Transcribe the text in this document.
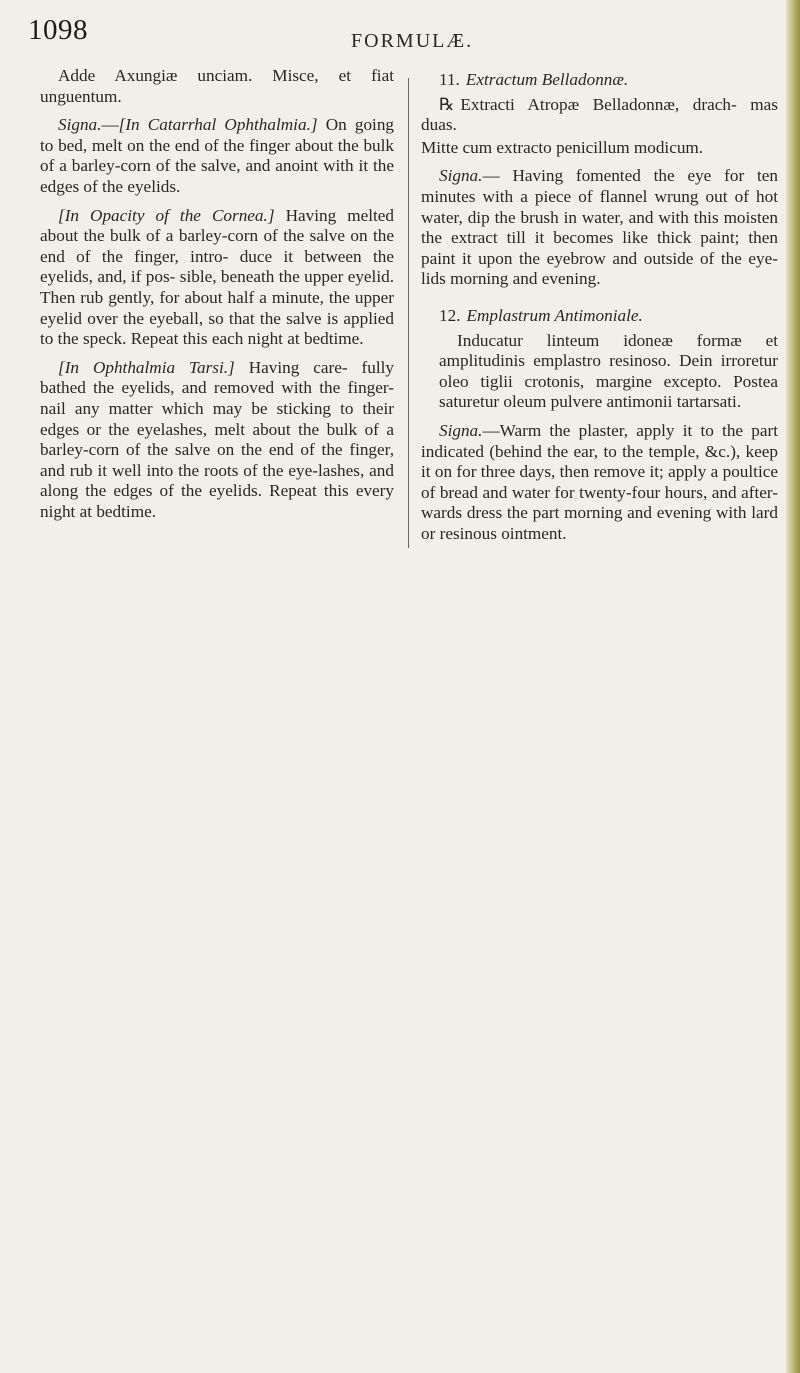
1098	FORMULÆ.

Adde Axungiæ unciam. Misce, et fiat unguentum.

Signa.—[In Catarrhal Ophthalmia.] On going to bed, melt on the end of the finger about the bulk of a barley-corn of the salve, and anoint with it the edges of the eyelids.

[In Opacity of the Cornea.] Having melted about the bulk of a barley-corn of the salve on the end of the finger, intro- duce it between the eyelids, and, if pos- sible, beneath the upper eyelid. Then rub gently, for about half a minute, the upper eyelid over the eyeball, so that the salve is applied to the speck. Repeat this each night at bedtime.

[In Ophthalmia Tarsi.] Having care- fully bathed the eyelids, and removed with the finger-nail any matter which may be sticking to their edges or the eyelashes, melt about the bulk of a barley-corn of the salve on the end of the finger, and rub it well into the roots of the eye-lashes, and along the edges of the eyelids. Repeat this every night at bedtime.

11. Extractum Belladonnæ.

℞ Extracti Atropæ Belladonnæ, drach- mas duas.

Mitte cum extracto penicillum modicum.

Signa.— Having fomented the eye for ten minutes with a piece of flannel wrung out of hot water, dip the brush in water, and with this moisten the extract till it becomes like thick paint; then paint it upon the eyebrow and outside of the eye- lids morning and evening.

12. Emplastrum Antimoniale.

Inducatur linteum idoneæ formæ et amplitudinis emplastro resinoso. Dein irroretur oleo tiglii crotonis, margine excepto. Postea saturetur oleum pulvere antimonii tartarsati.

Signa.—Warm the plaster, apply it to the part indicated (behind the ear, to the temple, &c.), keep it on for three days, then remove it; apply a poultice of bread and water for twenty-four hours, and after- wards dress the part morning and evening with lard or resinous ointment.
